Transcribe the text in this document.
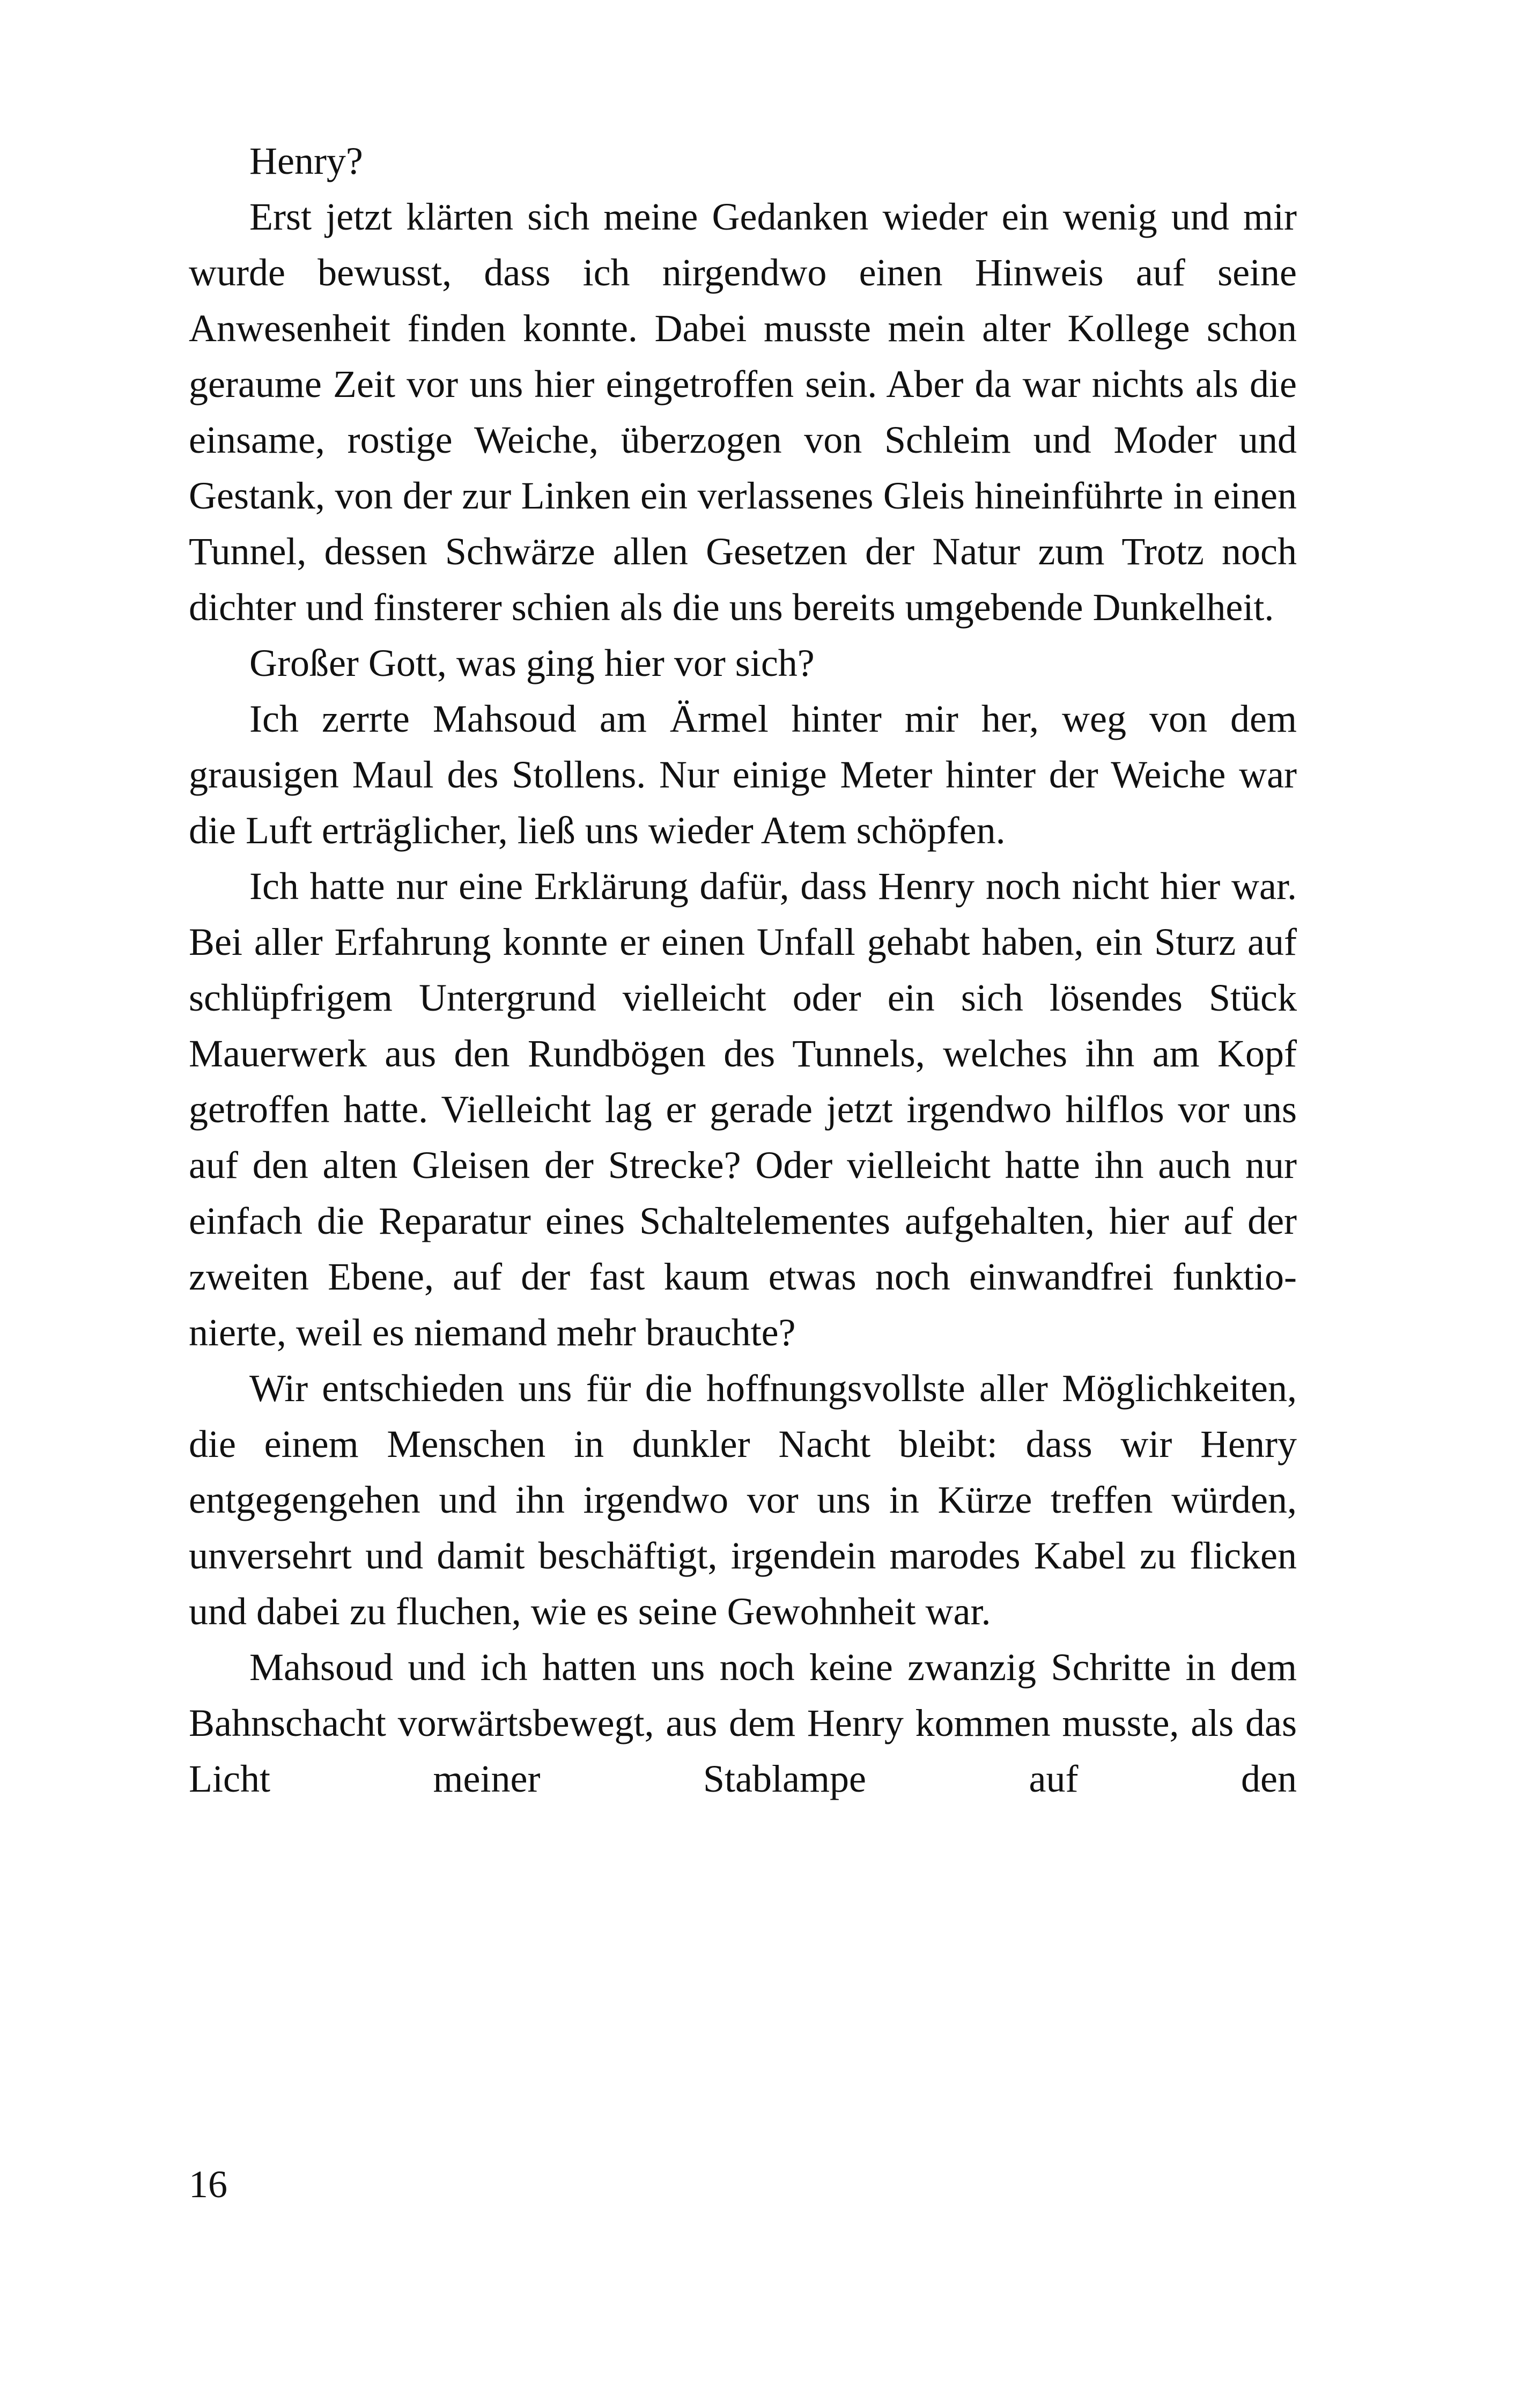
Henry?

Erst jetzt klärten sich meine Gedanken wieder ein wenig und mir wurde bewusst, dass ich nirgendwo einen Hinweis auf seine Anwesenheit finden konnte. Dabei musste mein alter Kollege schon geraume Zeit vor uns hier eingetroffen sein. Aber da war nichts als die einsame, rostige Weiche, überzogen von Schleim und Moder und Gestank, von der zur Linken ein verlassenes Gleis hineinführte in einen Tunnel, dessen Schwärze allen Gesetzen der Natur zum Trotz noch dichter und finsterer schien als die uns bereits umgebende Dunkelheit.

Großer Gott, was ging hier vor sich?

Ich zerrte Mahsoud am Ärmel hinter mir her, weg von dem grausigen Maul des Stollens. Nur einige Meter hinter der Weiche war die Luft erträglicher, ließ uns wieder Atem schöpfen.

Ich hatte nur eine Erklärung dafür, dass Henry noch nicht hier war. Bei aller Erfahrung konnte er einen Unfall gehabt haben, ein Sturz auf schlüpfrigem Untergrund vielleicht oder ein sich lösendes Stück Mauerwerk aus den Rundbögen des Tunnels, welches ihn am Kopf getroffen hatte. Vielleicht lag er gerade jetzt irgendwo hilflos vor uns auf den alten Gleisen der Strecke? Oder vielleicht hatte ihn auch nur einfach die Reparatur eines Schaltelementes aufgehalten, hier auf der zweiten Ebene, auf der fast kaum etwas noch einwandfrei funktionierte, weil es niemand mehr brauchte?

Wir entschieden uns für die hoffnungsvollste aller Möglichkeiten, die einem Menschen in dunkler Nacht bleibt: dass wir Henry entgegengehen und ihn irgendwo vor uns in Kürze treffen würden, unversehrt und damit beschäftigt, irgendein marodes Kabel zu flicken und dabei zu fluchen, wie es seine Gewohnheit war.

Mahsoud und ich hatten uns noch keine zwanzig Schritte in dem Bahnschacht vorwärtsbewegt, aus dem Henry kommen musste, als das Licht meiner Stablampe auf den

16
